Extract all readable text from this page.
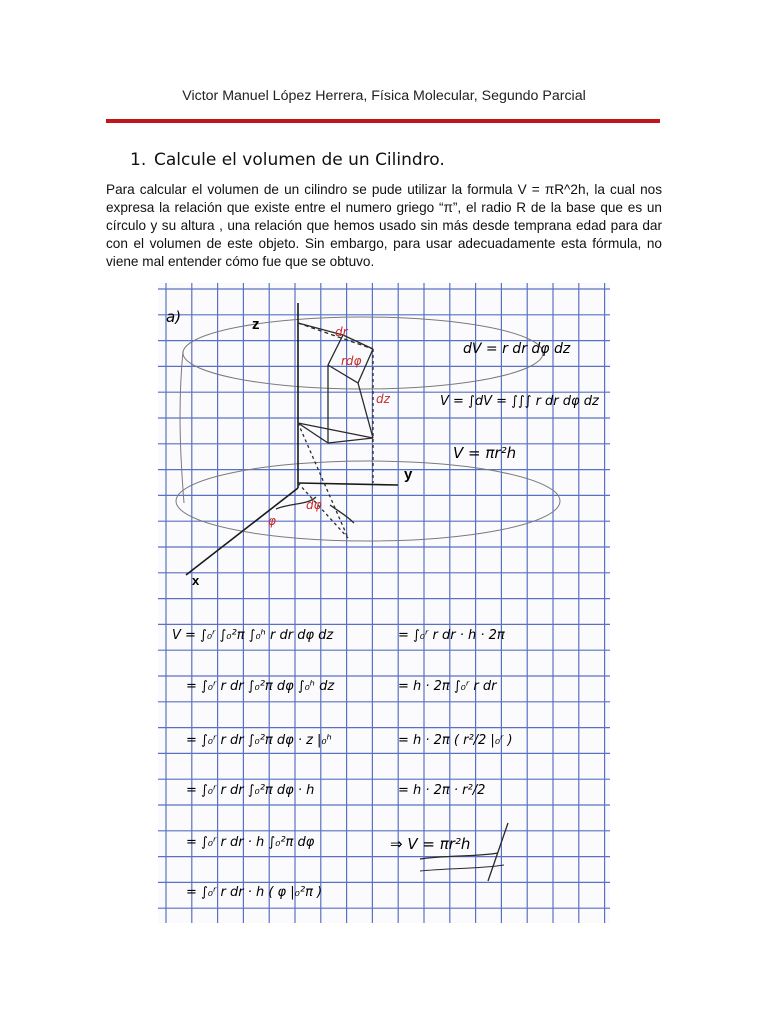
Victor Manuel López Herrera, Física Molecular, Segundo Parcial
1. Calcule el volumen de un Cilindro.
Para calcular el volumen de un cilindro se pude utilizar la formula V = πR^2h, la cual nos expresa la relación que existe entre el numero griego “π”, el radio R de la base que es un círculo y su altura , una relación que hemos usado sin más desde temprana edad para dar con el volumen de este objeto. Sin embargo, para usar adecuadamente esta fórmula, no viene mal entender cómo fue que se obtuvo.
a)	z
y
x
dr
rdφ
dz
dφ
φ
dV = r dr dφ dz
V = ∫dV = ∫∫∫ r dr dφ dz
V = πr²h
V = ∫₀ʳ ∫₀²π ∫₀ʰ r dr dφ dz
= ∫₀ʳ r dr ∫₀²π dφ ∫₀ʰ dz
= ∫₀ʳ r dr ∫₀²π dφ · z |₀ʰ
= ∫₀ʳ r dr ∫₀²π dφ · h
= ∫₀ʳ r dr · h ∫₀²π dφ
= ∫₀ʳ r dr · h ( φ |₀²π )
= ∫₀ʳ r dr · h · 2π
= h · 2π ∫₀ʳ r dr
= h · 2π ( r²/2 |₀ʳ )
= h · 2π · r²/2
⇒ V = πr²h
